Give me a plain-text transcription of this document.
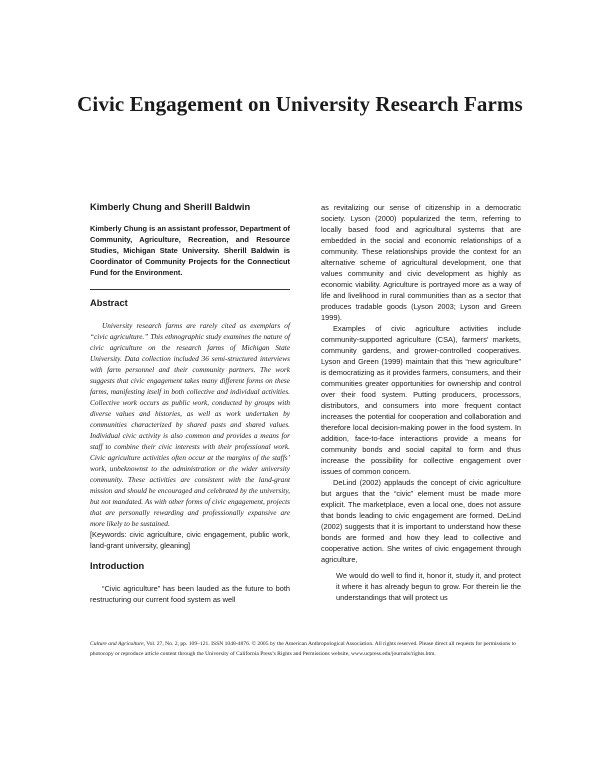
Civic Engagement on University Research Farms

Kimberly Chung and Sherill Baldwin

Kimberly Chung is an assistant professor, Department of Community, Agriculture, Recreation, and Resource Studies, Michigan State University. Sherill Baldwin is Coordinator of Community Projects for the Connecticut Fund for the Environment.

Abstract

University research farms are rarely cited as exemplars of “civic agriculture.” This ethnographic study examines the nature of civic agriculture on the research farms of Michigan State University. Data collection included 36 semi-structured interviews with farm personnel and their community partners. The work suggests that civic engagement takes many different forms on these farms, manifesting itself in both collective and individual activities. Collective work occurs as public work, conducted by groups with diverse values and histories, as well as work undertaken by communities characterized by shared pasts and shared values. Individual civic activity is also common and provides a means for staff to combine their civic interests with their professional work. Civic agriculture activities often occur at the margins of the staffs’ work, unbeknownst to the administration or the wider university community. These activities are consistent with the land-grant mission and should be encouraged and celebrated by the university, but not mandated. As with other forms of civic engagement, projects that are personally rewarding and professionally expansive are more likely to be sustained.

[Keywords: civic agriculture, civic engagement, public work, land-grant university, gleaning]

Introduction

“Civic agriculture” has been lauded as the future to both restructuring our current food system as well

as revitalizing our sense of citizenship in a democratic society. Lyson (2000) popularized the term, referring to locally based food and agricultural systems that are embedded in the social and economic relationships of a community. These relationships provide the context for an alternative scheme of agricultural development, one that values community and civic development as highly as economic viability. Agriculture is portrayed more as a way of life and livelihood in rural communities than as a sector that produces tradable goods (Lyson 2003; Lyson and Green 1999).

Examples of civic agriculture activities include community-supported agriculture (CSA), farmers’ markets, community gardens, and grower-controlled cooperatives. Lyson and Green (1999) maintain that this “new agriculture” is democratizing as it provides farmers, consumers, and their communities greater opportunities for ownership and control over their food system. Putting producers, processors, distributors, and consumers into more frequent contact increases the potential for cooperation and collaboration and therefore local decision-making power in the food system. In addition, face-to-face interactions provide a means for community bonds and social capital to form and thus increase the possibility for collective engagement over issues of common concern.

DeLind (2002) applauds the concept of civic agriculture but argues that the “civic” element must be made more explicit. The marketplace, even a local one, does not assure that bonds leading to civic engagement are formed. DeLind (2002) suggests that it is important to understand how these bonds are formed and how they lead to collective and cooperative action. She writes of civic engagement through agriculture,

We would do well to find it, honor it, study it, and protect it where it has already begun to grow. For therein lie the understandings that will protect us

Culture and Agriculture, Vol. 27, No. 2, pp. 109–121. ISSN 1048-4876. © 2005 by the American Anthropological Association. All rights reserved. Please direct all requests for permissions to photocopy or reproduce article content through the University of California Press’s Rights and Permissions website, www.ucpress.edu/journals/rights.htm.
